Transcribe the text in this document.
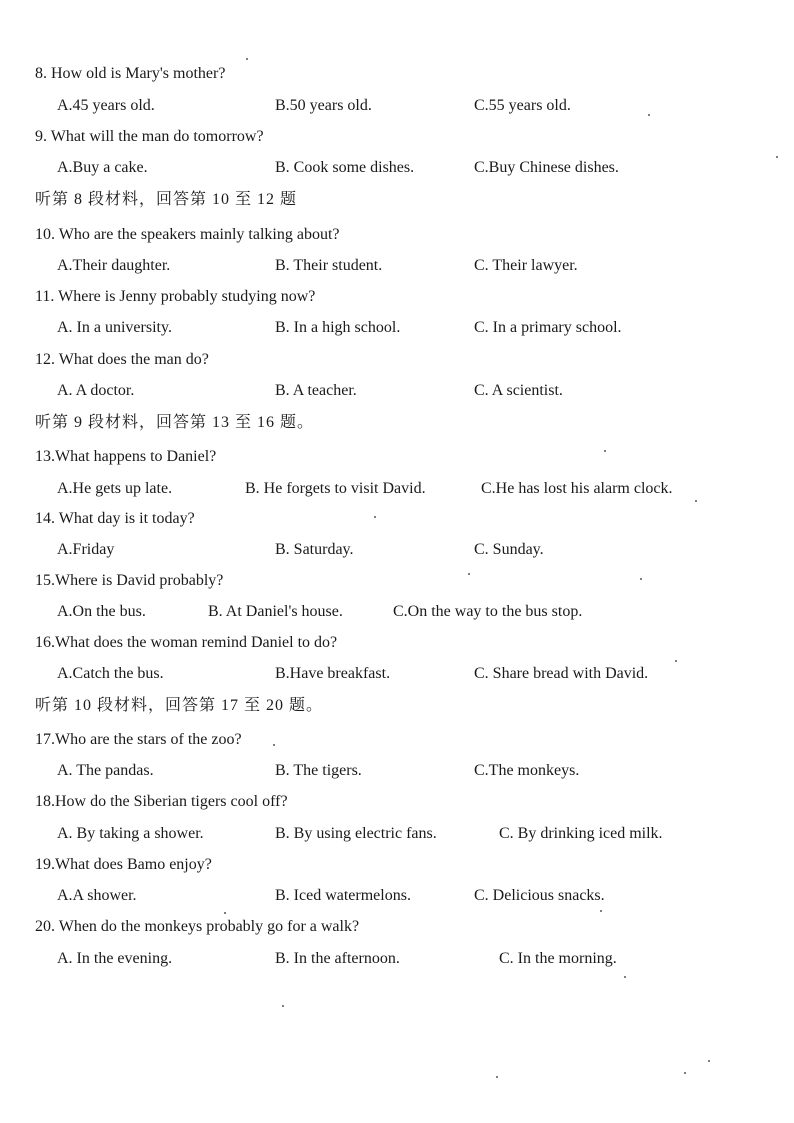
8. How old is Mary's mother?
A.45 years old.	B.50 years old.	C.55 years old.
9. What will the man do tomorrow?
A.Buy a cake.	B. Cook some dishes.	C.Buy Chinese dishes.
听第 8 段材料，回答第 10 至 12 题
10. Who are the speakers mainly talking about?
A.Their daughter.	B. Their student.	C. Their lawyer.
11. Where is Jenny probably studying now?
A. In a university.	B. In a high school.	C. In a primary school.
12. What does the man do?
A. A doctor.	B. A teacher.	C. A scientist.
听第 9 段材料，回答第 13 至 16 题。
13.What happens to Daniel?
A.He gets up late.	B. He forgets to visit David.	C.He has lost his alarm clock.
14. What day is it today?
A.Friday	B. Saturday.	C. Sunday.
15.Where is David probably?
A.On the bus.	B. At Daniel's house.	C.On the way to the bus stop.
16.What does the woman remind Daniel to do?
A.Catch the bus.	B.Have breakfast.	C. Share bread with David.
听第 10 段材料，回答第 17 至 20 题。
17.Who are the stars of the zoo?
A. The pandas.	B. The tigers.	C.The monkeys.
18.How do the Siberian tigers cool off?
A. By taking a shower.	B. By using electric fans.	C. By drinking iced milk.
19.What does Bamo enjoy?
A.A shower.	B. Iced watermelons.	C. Delicious snacks.
20. When do the monkeys probably go for a walk?
A. In the evening.	B. In the afternoon.	C. In the morning.
